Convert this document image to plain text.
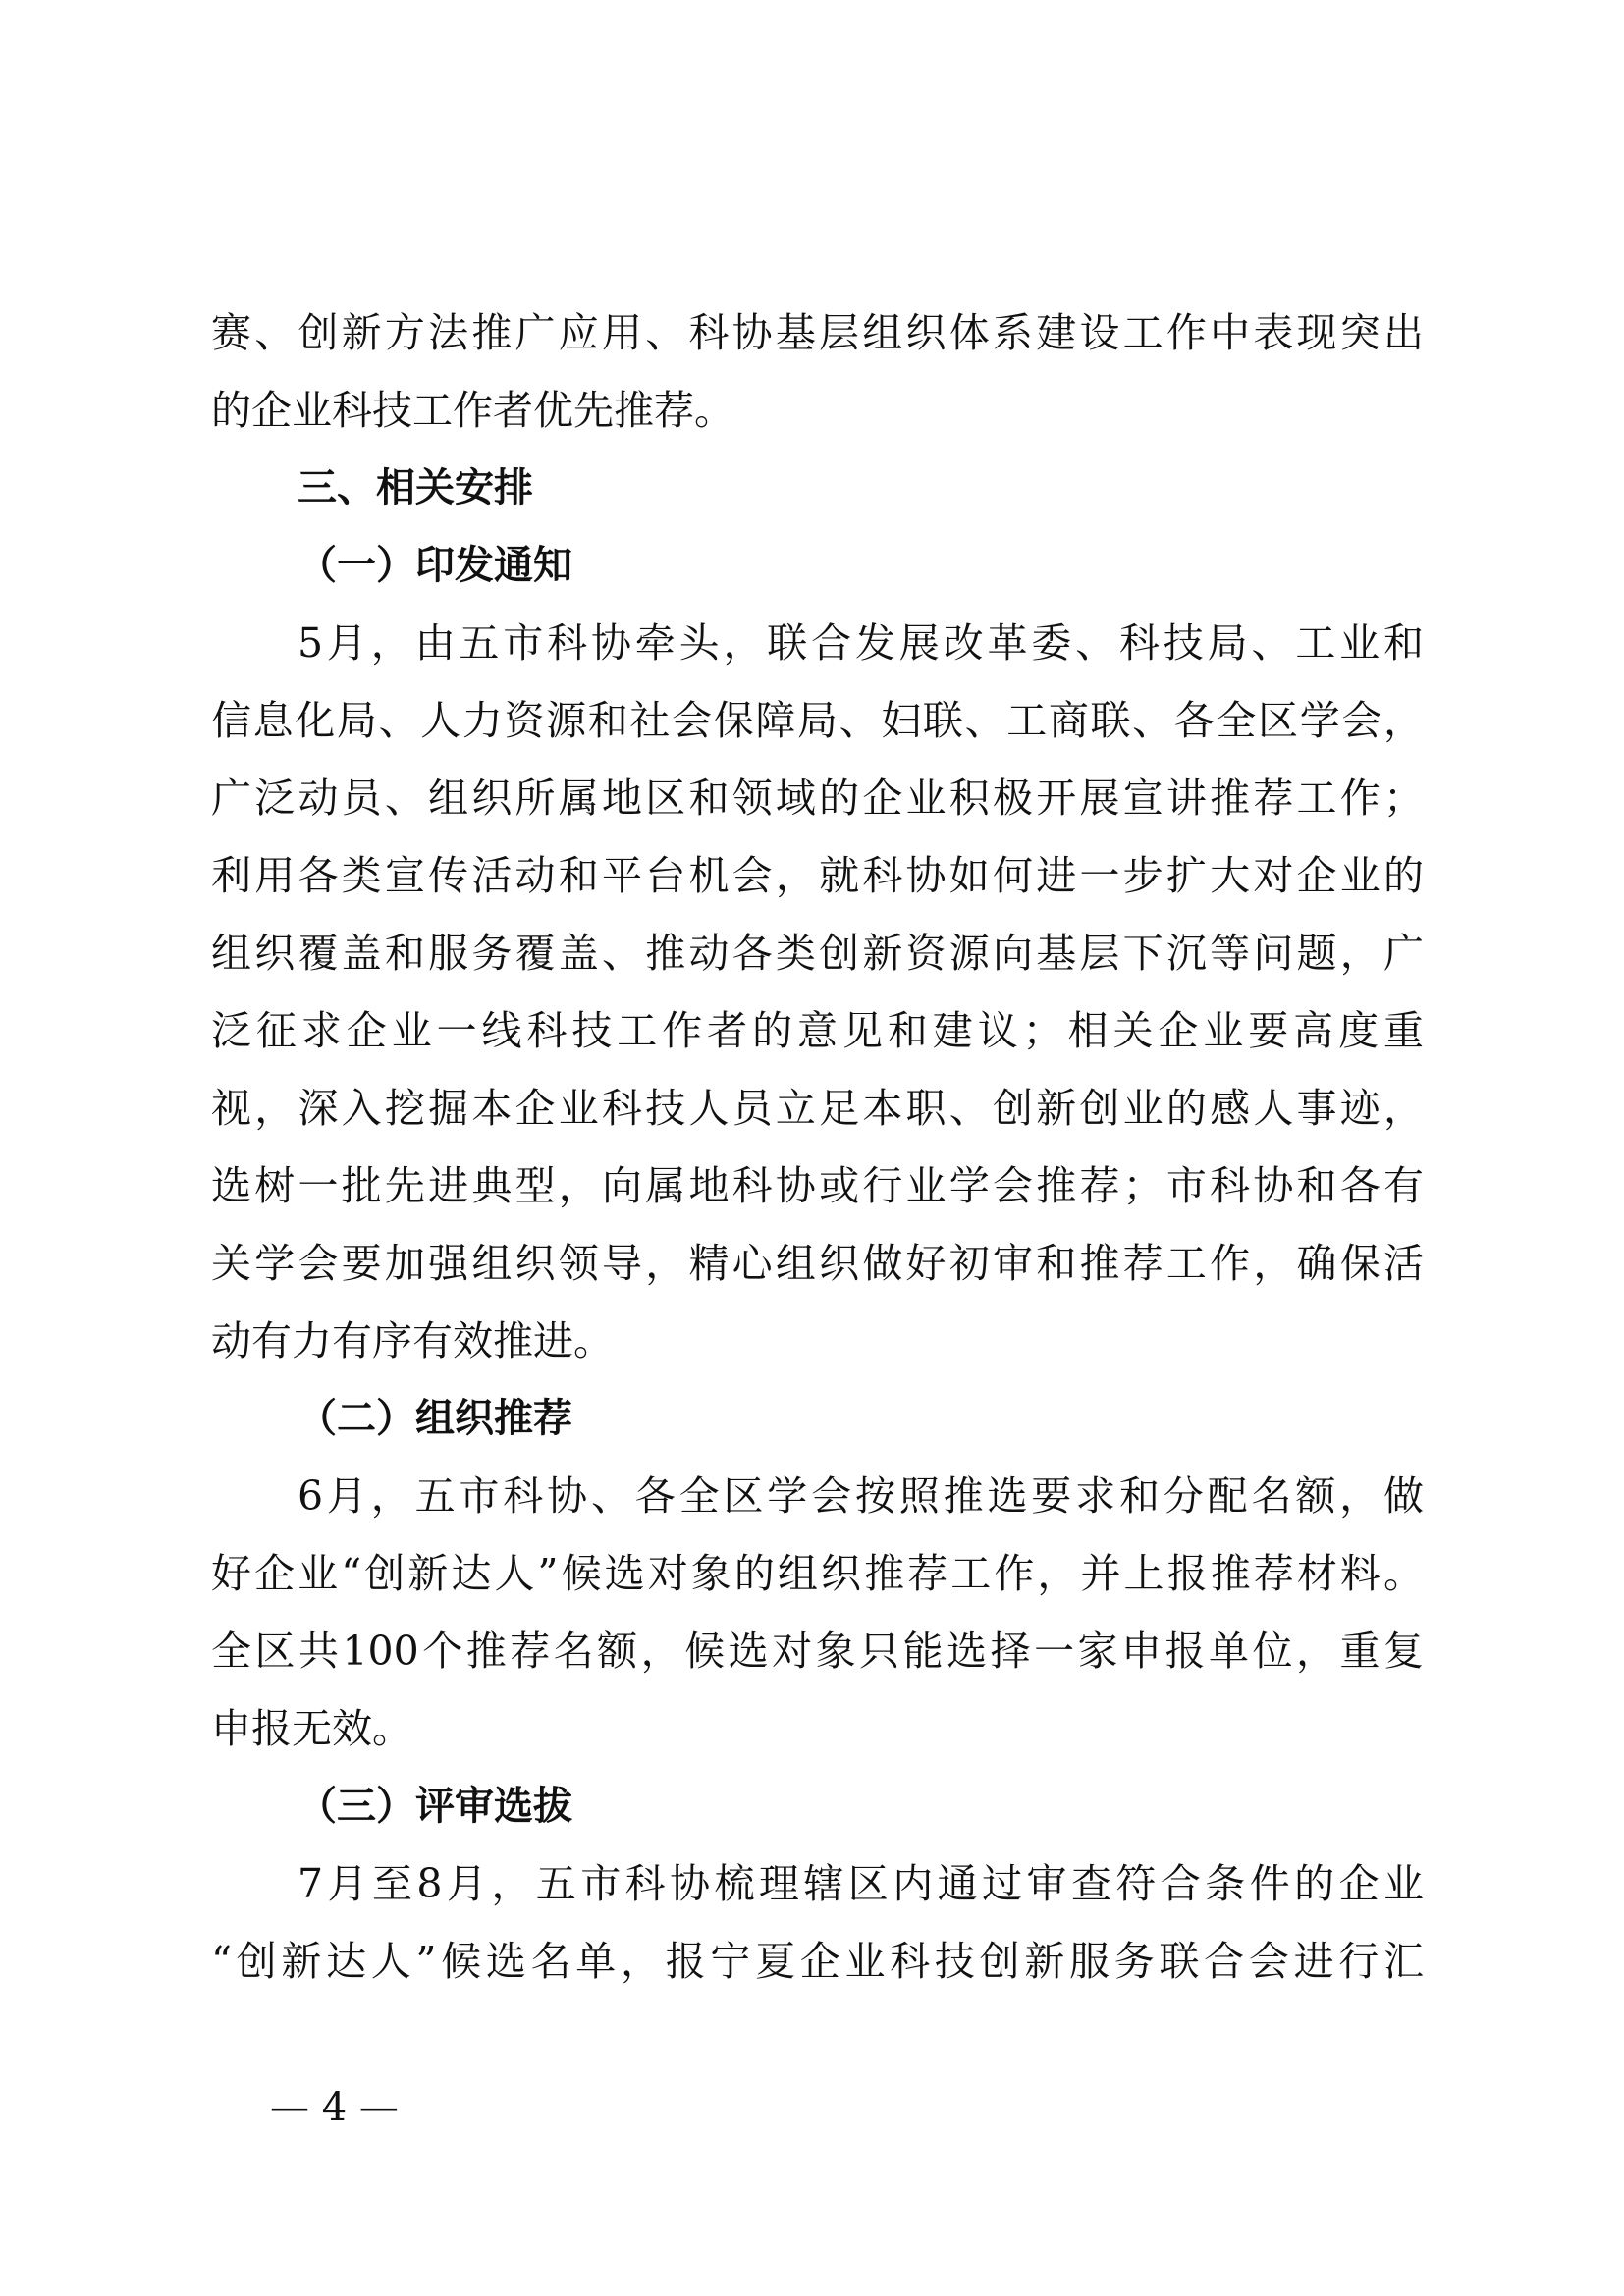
赛、创新方法推广应用、科协基层组织体系建设工作中表现突出
的企业科技工作者优先推荐。
三、相关安排
（一）印发通知
5月，由五市科协牵头，联合发展改革委、科技局、工业和
信息化局、人力资源和社会保障局、妇联、工商联、各全区学会，
广泛动员、组织所属地区和领域的企业积极开展宣讲推荐工作；
利用各类宣传活动和平台机会，就科协如何进一步扩大对企业的
组织覆盖和服务覆盖、推动各类创新资源向基层下沉等问题，广
泛征求企业一线科技工作者的意见和建议；相关企业要高度重
视，深入挖掘本企业科技人员立足本职、创新创业的感人事迹，
选树一批先进典型，向属地科协或行业学会推荐；市科协和各有
关学会要加强组织领导，精心组织做好初审和推荐工作，确保活
动有力有序有效推进。
（二）组织推荐
6月，五市科协、各全区学会按照推选要求和分配名额，做
好企业“创新达人”候选对象的组织推荐工作，并上报推荐材料。
全区共100个推荐名额，候选对象只能选择一家申报单位，重复
申报无效。
（三）评审选拔
7月至8月，五市科协梳理辖区内通过审查符合条件的企业
“创新达人”候选名单，报宁夏企业科技创新服务联合会进行汇
— 4 —
